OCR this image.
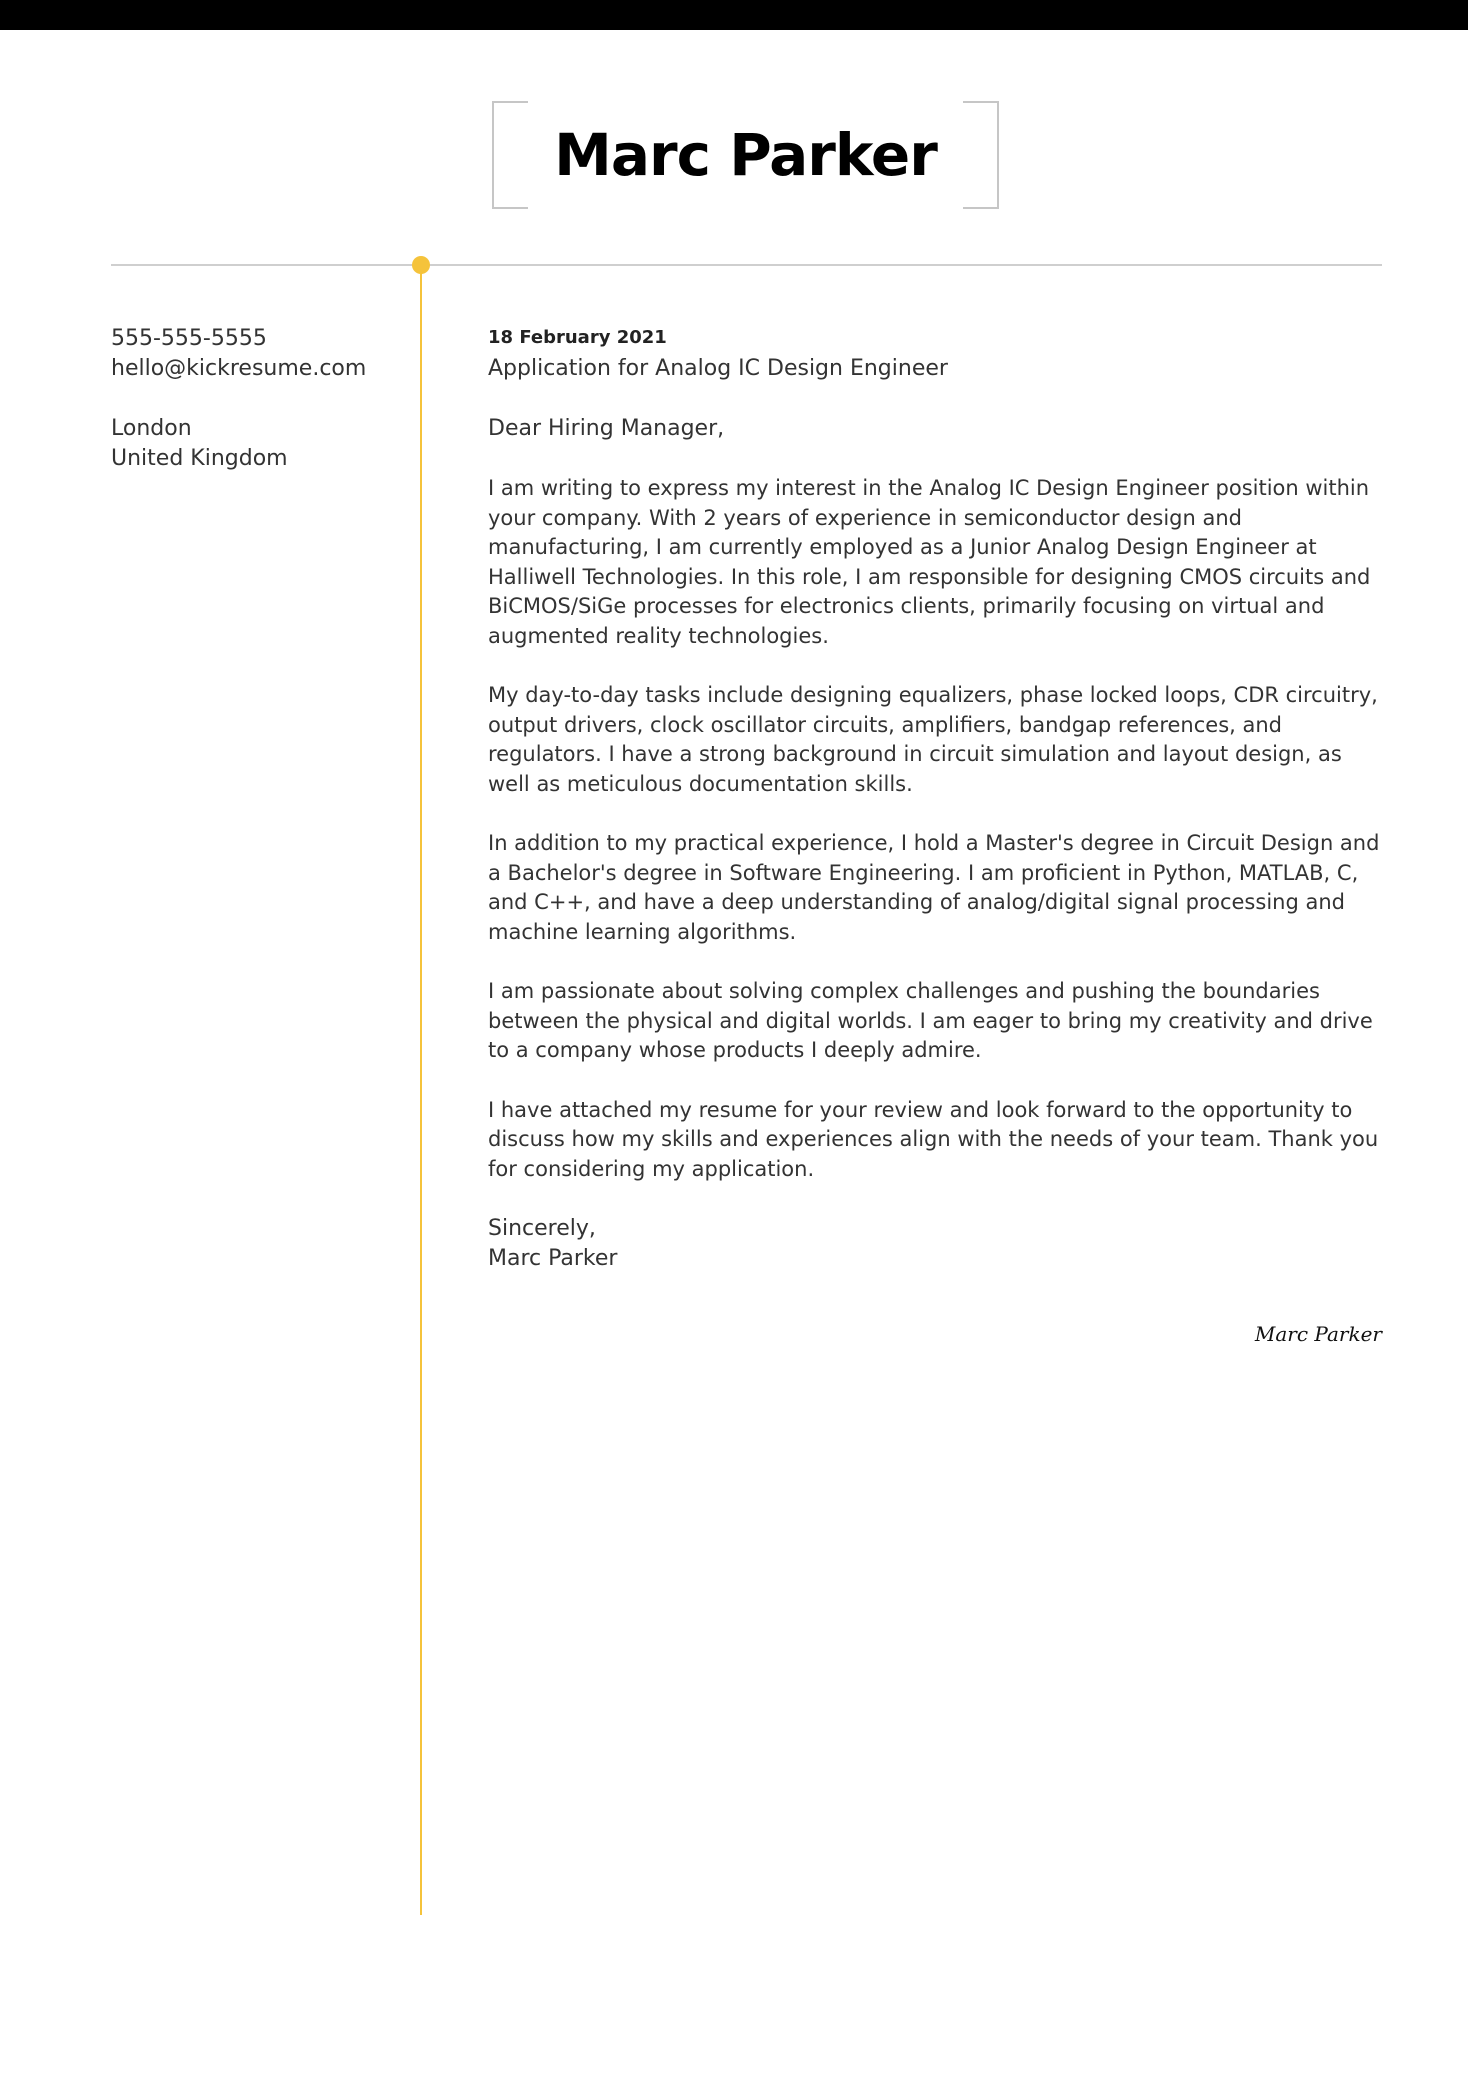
Marc Parker
555-555-5555
hello@kickresume.com
London
United Kingdom
18 February 2021
Application for Analog IC Design Engineer
Dear Hiring Manager,

I am writing to express my interest in the Analog IC Design Engineer position within your company. With 2 years of experience in semiconductor design and manufacturing, I am currently employed as a Junior Analog Design Engineer at Halliwell Technologies. In this role, I am responsible for designing CMOS circuits and BiCMOS/SiGe processes for electronics clients, primarily focusing on virtual and augmented reality technologies.

My day-to-day tasks include designing equalizers, phase locked loops, CDR circuitry, output drivers, clock oscillator circuits, amplifiers, bandgap references, and regulators. I have a strong background in circuit simulation and layout design, as well as meticulous documentation skills.

In addition to my practical experience, I hold a Master's degree in Circuit Design and a Bachelor's degree in Software Engineering. I am proficient in Python, MATLAB, C, and C++, and have a deep understanding of analog/digital signal processing and machine learning algorithms.

I am passionate about solving complex challenges and pushing the boundaries between the physical and digital worlds. I am eager to bring my creativity and drive to a company whose products I deeply admire.

I have attached my resume for your review and look forward to the opportunity to discuss how my skills and experiences align with the needs of your team. Thank you for considering my application.

Sincerely,
Marc Parker
Marc Parker
